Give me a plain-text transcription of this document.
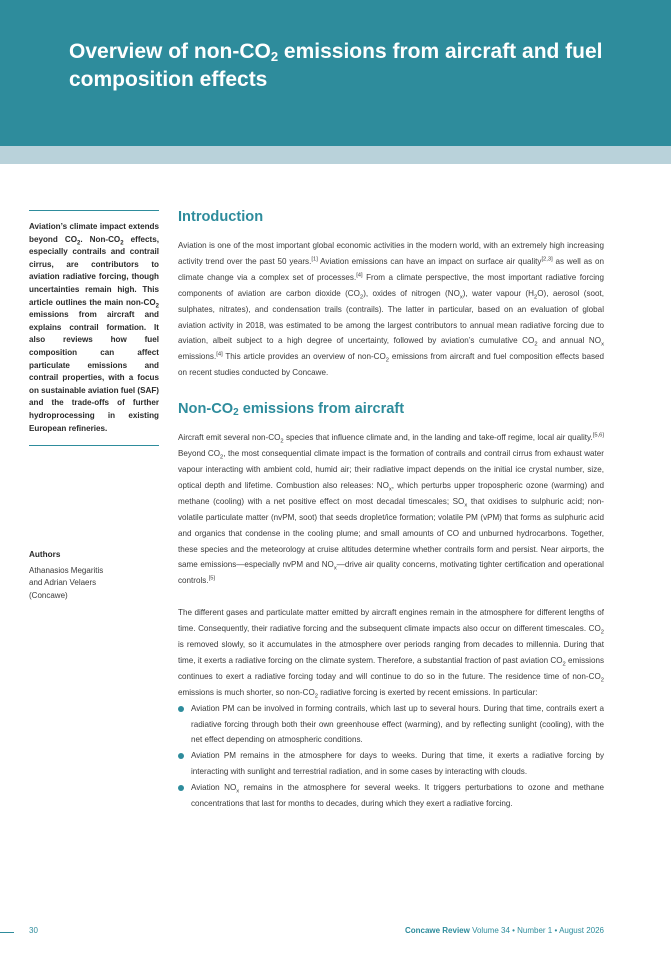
Overview of non-$CO_2$ emissions from aircraft and fuel composition effects

Aviation’s climate impact extends beyond $CO_2$. Non-$CO_2$ effects, especially contrails and contrail cirrus, are contributors to aviation radiative forcing, though uncertainties remain high. This article outlines the main non-$CO_2$ emissions from aircraft and explains contrail formation. It also reviews how fuel composition can affect particulate emissions and contrail properties, with a focus on sustainable aviation fuel (SAF) and the trade-offs of further hydroprocessing in existing European refineries.

Authors

Athanasios Megaritis
and Adrian Velaers
(Concawe)

Introduction

Aviation is one of the most important global economic activities in the modern world, with an extremely high increasing activity trend over the past 50 years.[1] Aviation emissions can have an impact on surface air quality[2,3] as well as on climate change via a complex set of processes.[4] From a climate perspective, the most important radiative forcing components of aviation are carbon dioxide $(CO_2)$, oxides of nitrogen $(NO_x)$, water vapour $(H_2O)$, aerosol (soot, sulphates, nitrates), and condensation trails (contrails). The latter in particular, based on an evaluation of global aviation activity in 2018, was estimated to be among the largest contributors to annual mean radiative forcing due to aviation, albeit subject to a high degree of uncertainty, followed by aviation’s cumulative $CO_2$ and annual $NO_x$ emissions.[4] This article provides an overview of non-$CO_2$ emissions from aircraft and fuel composition effects based on recent studies conducted by Concawe.

Non-$CO_2$ emissions from aircraft

Aircraft emit several non-$CO_2$ species that influence climate and, in the landing and take-off regime, local air quality.[5,6] Beyond $CO_2$, the most consequential climate impact is the formation of contrails and contrail cirrus from exhaust water vapour interacting with ambient cold, humid air; their radiative impact depends on the initial ice crystal number, size, optical depth and lifetime. Combustion also releases: $NO_x$, which perturbs upper tropospheric ozone (warming) and methane (cooling) with a net positive effect on most decadal timescales; $SO_x$ that oxidises to sulphuric acid; non-volatile particulate matter (nvPM, soot) that seeds droplet/ice formation; volatile PM (vPM) that forms as sulphuric acid and organics that condense in the cooling plume; and small amounts of CO and unburned hydrocarbons. Together, these species and the meteorology at cruise altitudes determine whether contrails form and persist. Near airports, the same emissions—especially nvPM and $NO_x—drive$ air quality concerns, motivating tighter certification and operational controls.[5]

The different gases and particulate matter emitted by aircraft engines remain in the atmosphere for different lengths of time. Consequently, their radiative forcing and the subsequent climate impacts also occur on different timescales. $CO_2$ is removed slowly, so it accumulates in the atmosphere over periods ranging from decades to millennia. During that time, it exerts a radiative forcing on the climate system. Therefore, a substantial fraction of past aviation $CO_2$ emissions continues to exert a radiative forcing today and will continue to do so in the future. The residence time of non-$CO_2$ emissions is much shorter, so non-$CO_2$ radiative forcing is exerted by recent emissions. In particular:

Aviation PM can be involved in forming contrails, which last up to several hours. During that time, contrails exert a radiative forcing through both their own greenhouse effect (warming), and by reflecting sunlight (cooling), with the net effect depending on atmospheric conditions.
Aviation PM remains in the atmosphere for days to weeks. During that time, it exerts a radiative forcing by interacting with sunlight and terrestrial radiation, and in some cases by interacting with clouds.
Aviation $NO_x$ remains in the atmosphere for several weeks. It triggers perturbations to ozone and methane concentrations that last for months to decades, during which they exert a radiative forcing.
30	Concawe Review Volume 34 • Number 1 • August 2026
